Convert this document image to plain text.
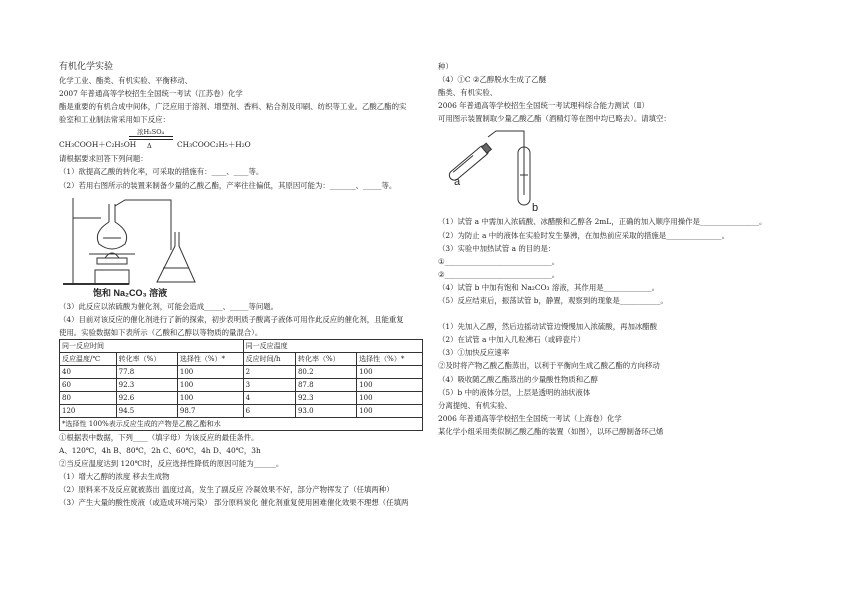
有机化学实验

化学工业、酯类、有机实验、平衡移动、

2007 年普通高等学校招生全国统一考试（江苏卷）化学

酯是重要的有机合成中间体，广泛应用于溶剂、增塑剂、香料、粘合剂及印刷、纺织等工业。乙酸乙酯的实

验室和工业制法常采用如下反应：

CH₃COOH＋C₂H₅OH
浓H₂SO₄
Δ	CH₃COOC₂H₅＋H₂O

请根据要求回答下列问题：

（1）欲提高乙酸的转化率，可采取的措施有：____、____等。

（2）若用右图所示的装置来制备少量的乙酸乙酯，产率往往偏低，其原因可能为：_______、_____等。

饱和 Na₂CO₃ 溶液

（3）此反应以浓硫酸为催化剂，可能会造成_____、_____等问题。

（4）目前对该反应的催化剂进行了新的探索，初步表明质子酸离子液体可用作此反应的催化剂，且能重复

使用。实验数据如下表所示（乙酸和乙醇以等物质的量混合）。

同一反应时间			同一反应温度		
反应温度/℃	转化率（%）	选择性（%）*	反应时间/h	转化率（%）	选择性（%）*
40	77.8	100	2	80.2	100
60	92.3	100	3	87.8	100
80	92.6	100	4	92.3	100
120	94.5	98.7	6	93.0	100
*选择性 100%表示反应生成的产物是乙酸乙酯和水					

①根据表中数据，下列____（填字母）为该反应的最佳条件。

A、120℃，4h B、80℃，2h C、60℃，4h D、40℃，3h

②当反应温度达到 120℃时，反应选择性降低的原因可能为______。

（1）增大乙醇的浓度 移去生成物

（2）原料来不及反应就被蒸出 温度过高，发生了副反应 冷凝效果不好，部分产物挥发了（任填两种）

（3）产生大量的酸性废液（或造成环境污染） 部分原料炭化 催化剂重复使用困难催化效果不理想（任填两

种）

（4）①C ②乙醇脱水生成了乙醚

酯类、有机实验、

2006 年普通高等学校招生全国统一考试理科综合能力测试（Ⅱ）

可用图示装置制取少量乙酸乙酯（酒精灯等在图中均已略去）。请填空：

a
b

（1）试管 a 中需加入浓硫酸、冰醋酸和乙醇各 2mL，正确的加入顺序用操作是________________。

（2）为防止 a 中的液体在实验时发生暴沸，在加热前应采取的措施是_______________。

（3）实验中加热试管 a 的目的是：

①_____________________________。

②_____________________________。

（4）试管 b 中加有饱和 Na₂CO₃ 溶液，其作用是_____________。

（5）反应结束后，振荡试管 b，静置，观察到的现象是___________。

（1）先加入乙醇，然后边摇动试管边慢慢加入浓硫酸，再加冰醋酸

（2）在试管 a 中加入几粒沸石（或碎瓷片）

（3）①加快反应速率

②及时将产物乙酸乙酯蒸出，以利于平衡向生成乙酸乙酯的方向移动

（4）吸收随乙酸乙酯蒸出的少量酸性物质和乙醇

（5）b 中的液体分层，上层是透明的油状液体

分离提纯、有机实验、

2006 年普通高等学校招生全国统一考试（上海卷）化学

某化学小组采用类似制乙酸乙酯的装置（如图），以环己醇制备环己烯
